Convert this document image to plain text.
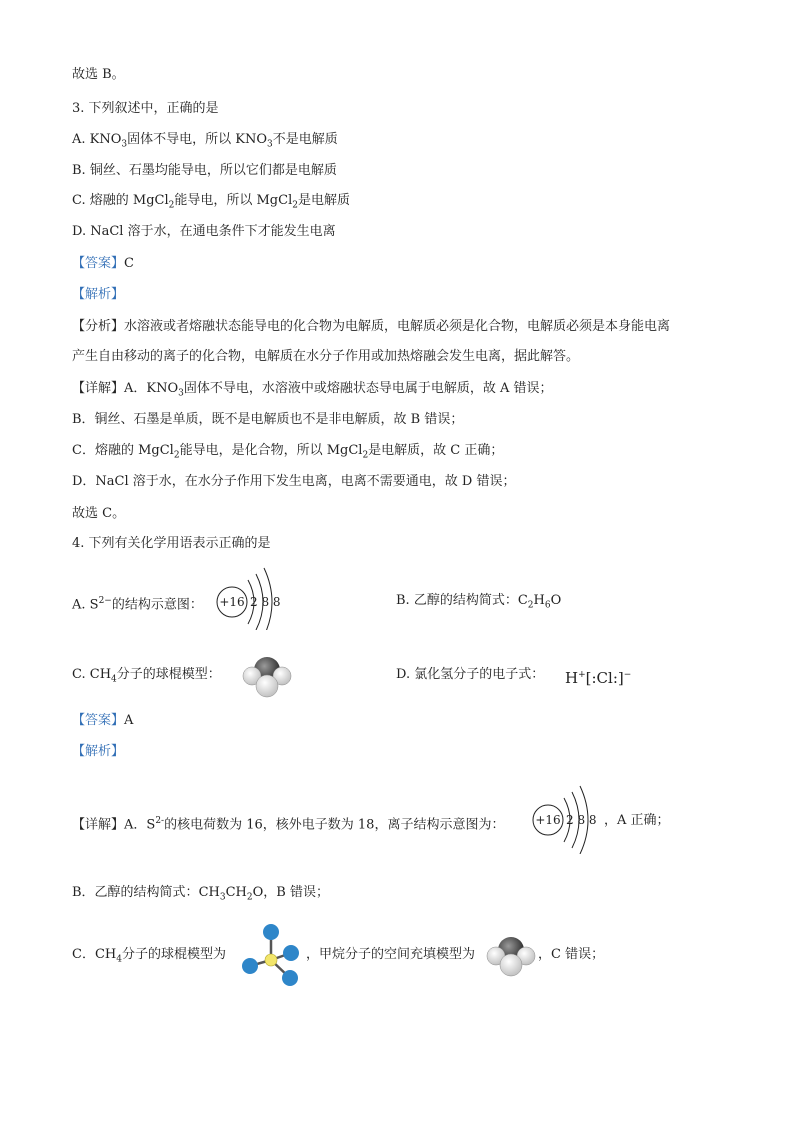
故选 B。
3. 下列叙述中，正确的是
A. $KNO_3$固体不导电，所以 $KNO_3$不是电解质
B. 铜丝、石墨均能导电，所以它们都是电解质
C. 熔融的 MgCl$_2$能导电，所以 MgCl$_2$是电解质
D. NaCl 溶于水，在通电条件下才能发生电离
【答案】C
【解析】
【分析】水溶液或者熔融状态能导电的化合物为电解质，电解质必须是化合物，电解质必须是本身能电离
产生自由移动的离子的化合物，电解质在水分子作用或加热熔融会发生电离，据此解答。
【详解】A．$KNO_3$固体不导电，水溶液中或熔融状态导电属于电解质，故 A 错误；
B．铜丝、石墨是单质，既不是电解质也不是非电解质，故 B 错误；
C．熔融的 MgCl$_2$能导电，是化合物，所以 MgCl$_2$是电解质，故 C 正确；
D．NaCl 溶于水，在水分子作用下发生电离，电离不需要通电，故 D 错误；
故选 C。
4. 下列有关化学用语表示正确的是
A. $S^{2-}$的结构示意图： +16 2 8 8	B. 乙醇的结构简式：$C_2H_6O$
C. $CH_4$分子的球棍模型：	D. 氯化氢分子的电子式： H+[:Cl:]−
【答案】A
【解析】
【详解】A．$S^{2-}$的核电荷数为 16，核外电子数为 18，离子结构示意图为：	+16 2 8 8 ，A 正确；
B．乙醇的结构简式：$CH_3CH_2O$，B 错误；
C．$CH_4$分子的球棍模型为	，甲烷分子的空间充填模型为	，C 错误；
